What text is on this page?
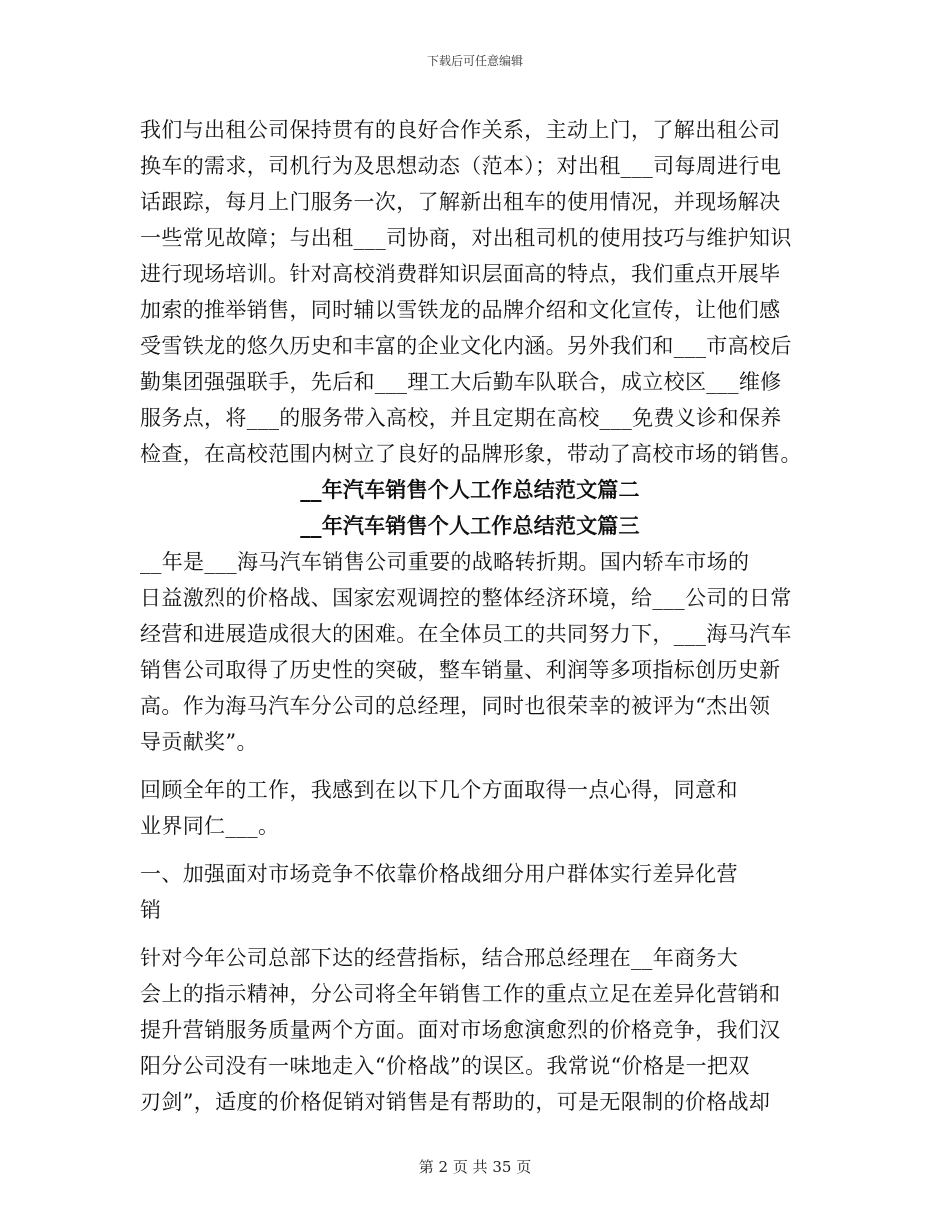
下载后可任意编辑
我们与出租公司保持贯有的良好合作关系，主动上门，了解出租公司
换车的需求，司机行为及思想动态（范本）；对出租___司每周进行电
话跟踪，每月上门服务一次，了解新出租车的使用情况，并现场解决
一些常见故障；与出租___司协商，对出租司机的使用技巧与维护知识
进行现场培训。针对高校消费群知识层面高的特点，我们重点开展毕
加索的推举销售，同时辅以雪铁龙的品牌介绍和文化宣传，让他们感
受雪铁龙的悠久历史和丰富的企业文化内涵。另外我们和___市高校后
勤集团强强联手，先后和___理工大后勤车队联合，成立校区___维修
服务点，将___的服务带入高校，并且定期在高校___免费义诊和保养
检查，在高校范围内树立了良好的品牌形象，带动了高校市场的销售。
__年汽车销售个人工作总结范文篇二
__年汽车销售个人工作总结范文篇三
__年是___海马汽车销售公司重要的战略转折期。国内轿车市场的
日益激烈的价格战、国家宏观调控的整体经济环境，给___公司的日常
经营和进展造成很大的困难。在全体员工的共同努力下，___海马汽车
销售公司取得了历史性的突破，整车销量、利润等多项指标创历史新
高。作为海马汽车分公司的总经理，同时也很荣幸的被评为“杰出领
导贡献奖”。
回顾全年的工作，我感到在以下几个方面取得一点心得，同意和
业界同仁___。
一、加强面对市场竞争不依靠价格战细分用户群体实行差异化营
销
针对今年公司总部下达的经营指标，结合邢总经理在__年商务大
会上的指示精神，分公司将全年销售工作的重点立足在差异化营销和
提升营销服务质量两个方面。面对市场愈演愈烈的价格竞争，我们汉
阳分公司没有一味地走入“价格战”的误区。我常说“价格是一把双
刃剑”，适度的价格促销对销售是有帮助的，可是无限制的价格战却
第 2 页 共 35 页
